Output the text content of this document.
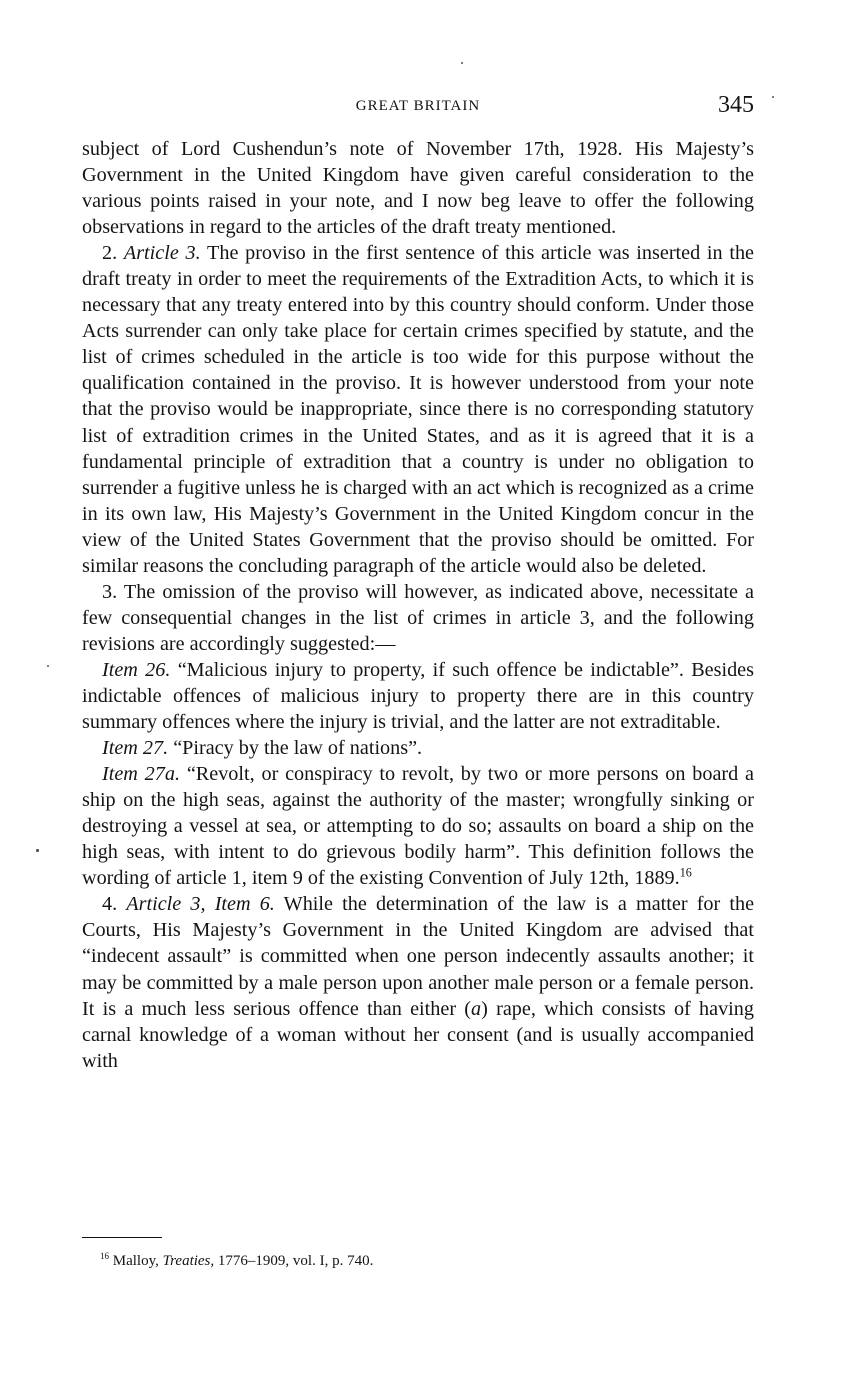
GREAT BRITAIN	345

subject of Lord Cushendun’s note of November 17th, 1928. His Majesty’s Government in the United Kingdom have given careful consideration to the various points raised in your note, and I now beg leave to offer the following observations in regard to the articles of the draft treaty mentioned.

2. Article 3. The proviso in the first sentence of this article was inserted in the draft treaty in order to meet the requirements of the Extradition Acts, to which it is necessary that any treaty entered into by this country should conform. Under those Acts surrender can only take place for certain crimes specified by statute, and the list of crimes scheduled in the article is too wide for this purpose without the qualification contained in the proviso. It is however understood from your note that the proviso would be inappropriate, since there is no corresponding statutory list of extradition crimes in the United States, and as it is agreed that it is a fundamental principle of extradition that a country is under no obligation to surrender a fugitive unless he is charged with an act which is recognized as a crime in its own law, His Majesty’s Government in the United Kingdom concur in the view of the United States Government that the proviso should be omitted. For similar reasons the concluding paragraph of the article would also be deleted.

3. The omission of the proviso will however, as indicated above, necessitate a few consequential changes in the list of crimes in article 3, and the following revisions are accordingly suggested:—

Item 26. “Malicious injury to property, if such offence be indictable”. Besides indictable offences of malicious injury to property there are in this country summary offences where the injury is trivial, and the latter are not extraditable.

Item 27. “Piracy by the law of nations”.

Item 27a. “Revolt, or conspiracy to revolt, by two or more persons on board a ship on the high seas, against the authority of the master; wrongfully sinking or destroying a vessel at sea, or attempting to do so; assaults on board a ship on the high seas, with intent to do grievous bodily harm”. This definition follows the wording of article 1, item 9 of the existing Convention of July 12th, 1889.16

4. Article 3, Item 6. While the determination of the law is a matter for the Courts, His Majesty’s Government in the United Kingdom are advised that “indecent assault” is committed when one person indecently assaults another; it may be committed by a male person upon another male person or a female person. It is a much less serious offence than either (a) rape, which consists of having carnal knowledge of a woman without her consent (and is usually accompanied with

$^{16}$ Malloy, Treaties, 1776–1909, vol. I, p. 740.
